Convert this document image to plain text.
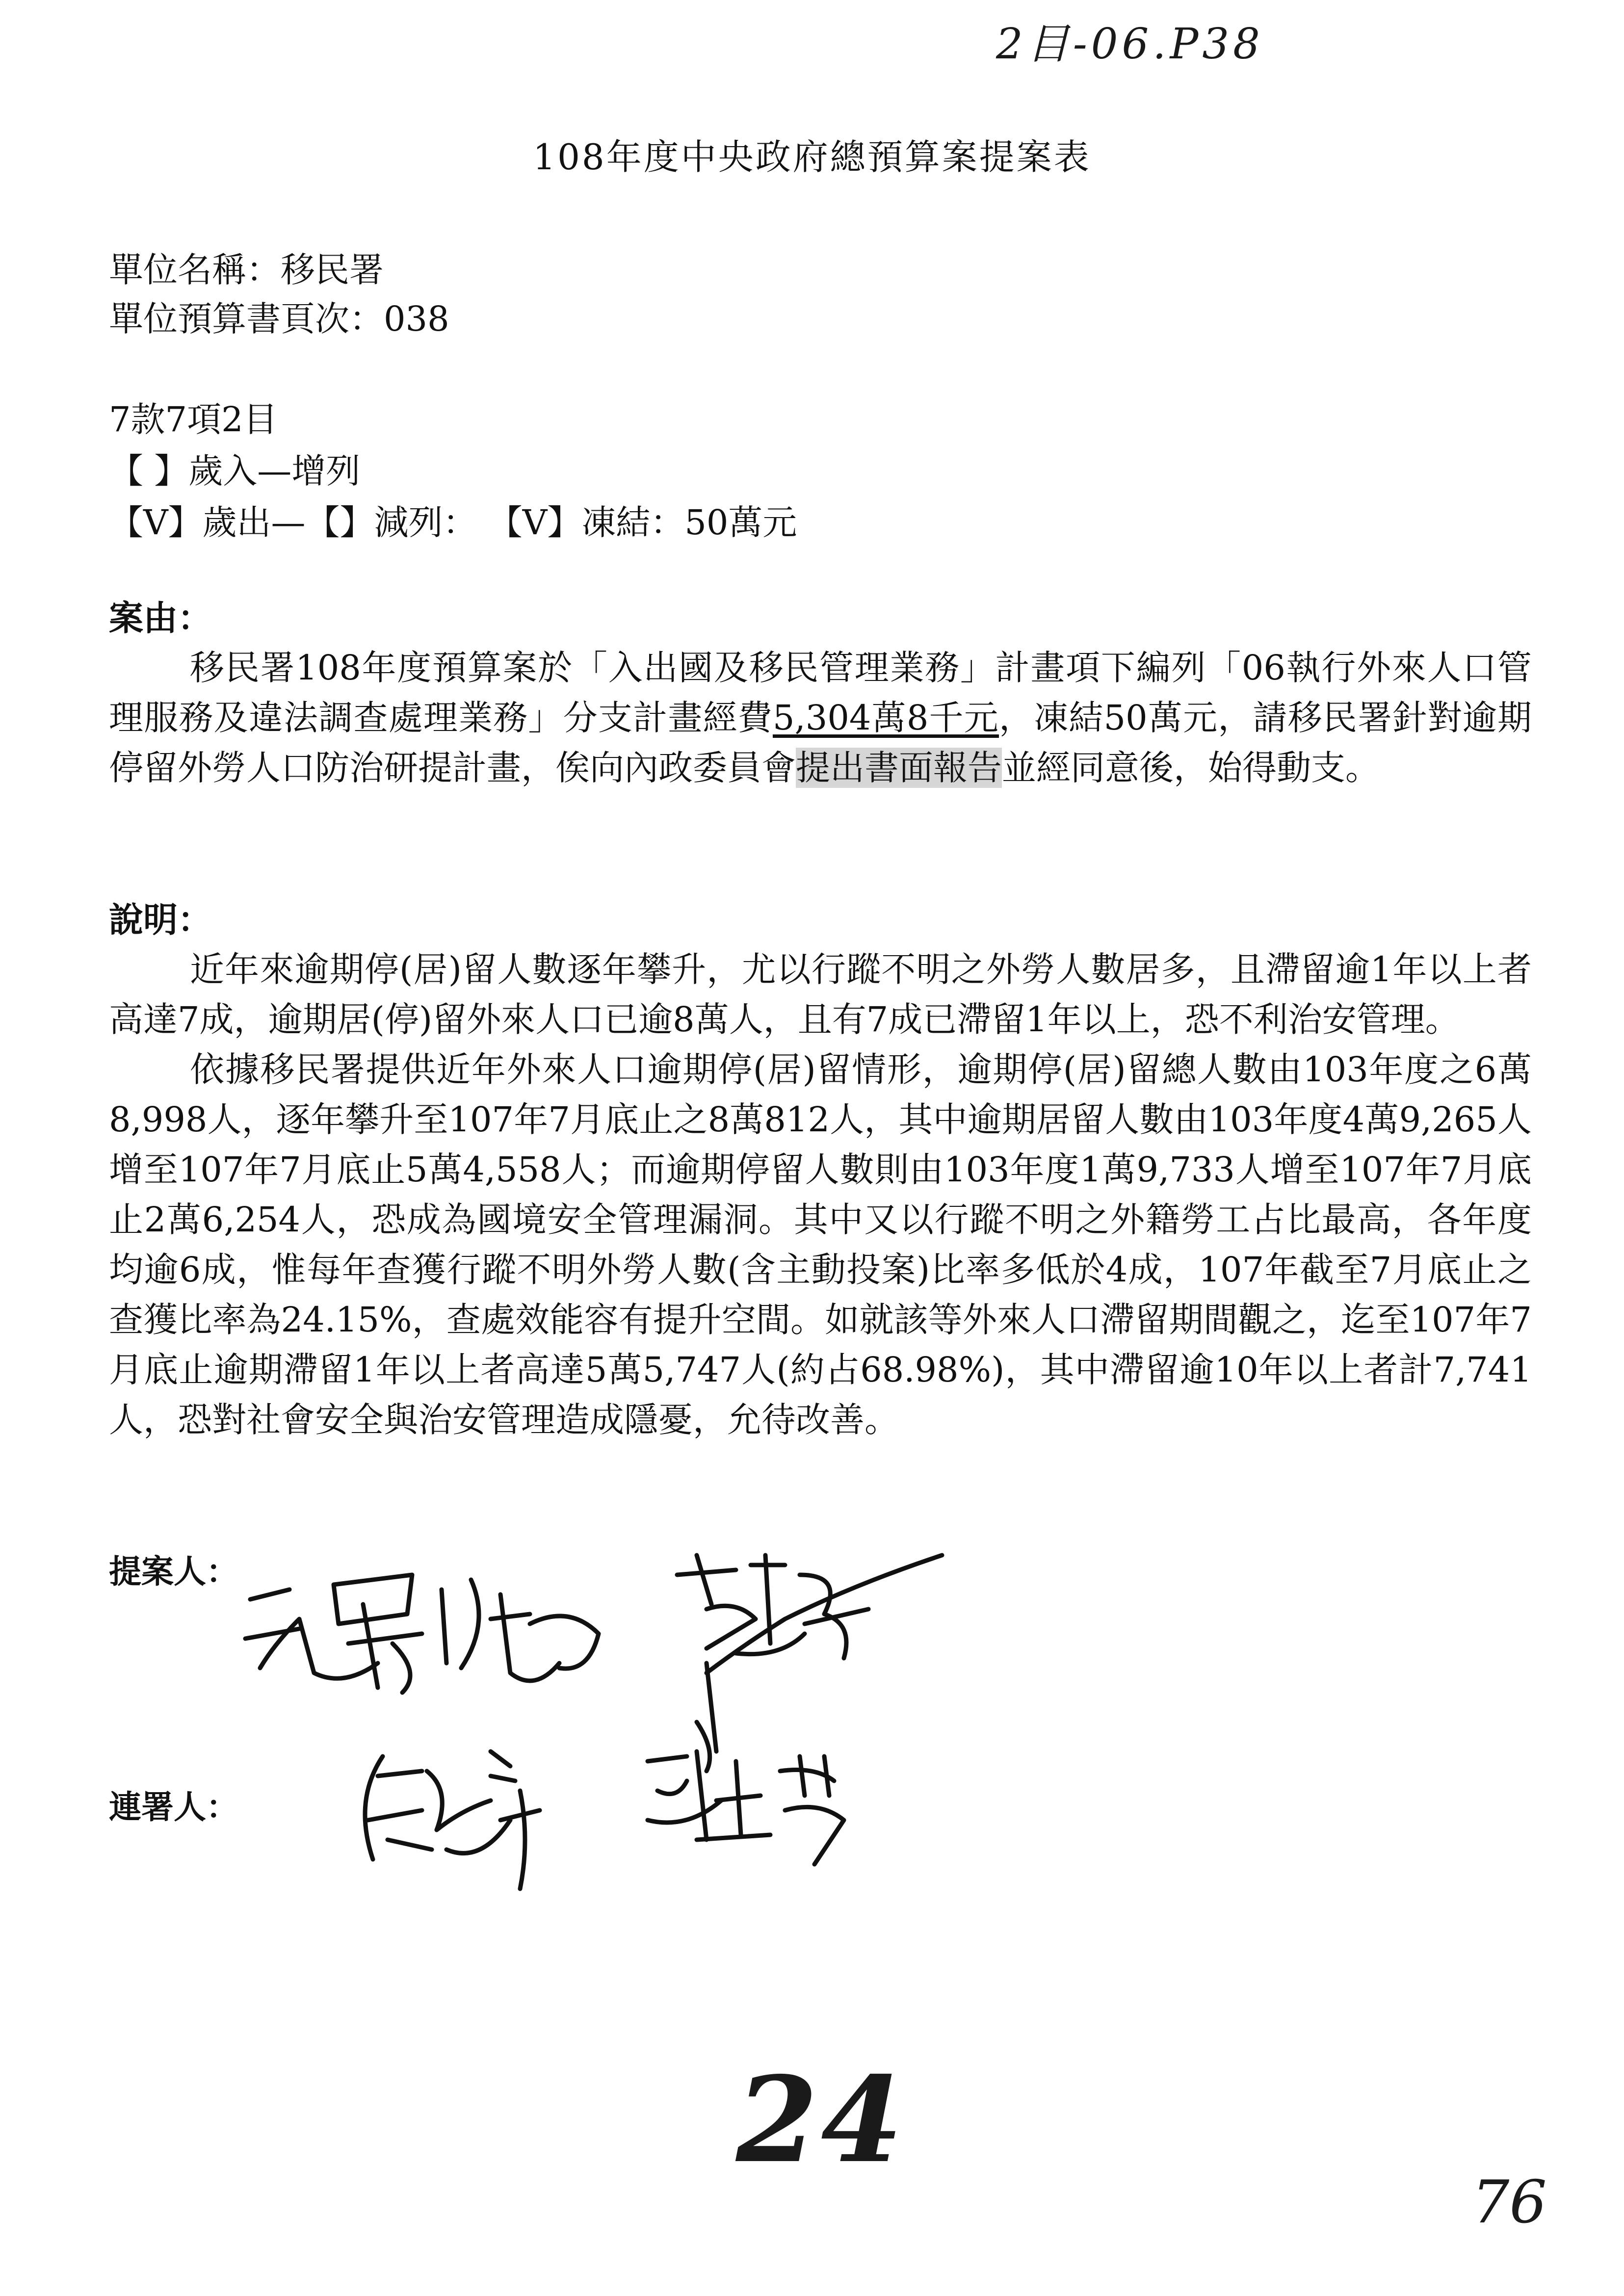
2目-06.P38
108年度中央政府總預算案提案表
單位名稱：移民署
單位預算書頁次：038
7款7項2目
【 】歲入—增列
【V】歲出—【】減列： 【V】凍結：50萬元
案由：

移民署108年度預算案於「入出國及移民管理業務」計畫項下編列「06執行外來人口管理服務及違法調查處理業務」分支計畫經費5,304萬8千元，凍結50萬元，請移民署針對逾期停留外勞人口防治研提計畫，俟向內政委員會提出書面報告並經同意後，始得動支。

說明：

近年來逾期停(居)留人數逐年攀升，尤以行蹤不明之外勞人數居多，且滯留逾1年以上者高達7成，逾期居(停)留外來人口已逾8萬人，且有7成已滯留1年以上，恐不利治安管理。

依據移民署提供近年外來人口逾期停(居)留情形，逾期停(居)留總人數由103年度之6萬8,998人，逐年攀升至107年7月底止之8萬812人，其中逾期居留人數由103年度4萬9,265人增至107年7月底止5萬4,558人；而逾期停留人數則由103年度1萬9,733人增至107年7月底止2萬6,254人，恐成為國境安全管理漏洞。其中又以行蹤不明之外籍勞工占比最高，各年度均逾6成，惟每年查獲行蹤不明外勞人數(含主動投案)比率多低於4成，107年截至7月底止之查獲比率為24.15%，查處效能容有提升空間。如就該等外來人口滯留期間觀之，迄至107年7月底止逾期滯留1年以上者高達5萬5,747人(約占68.98%)，其中滯留逾10年以上者計7,741人，恐對社會安全與治安管理造成隱憂，允待改善。

提案人：
連署人：
24
76
